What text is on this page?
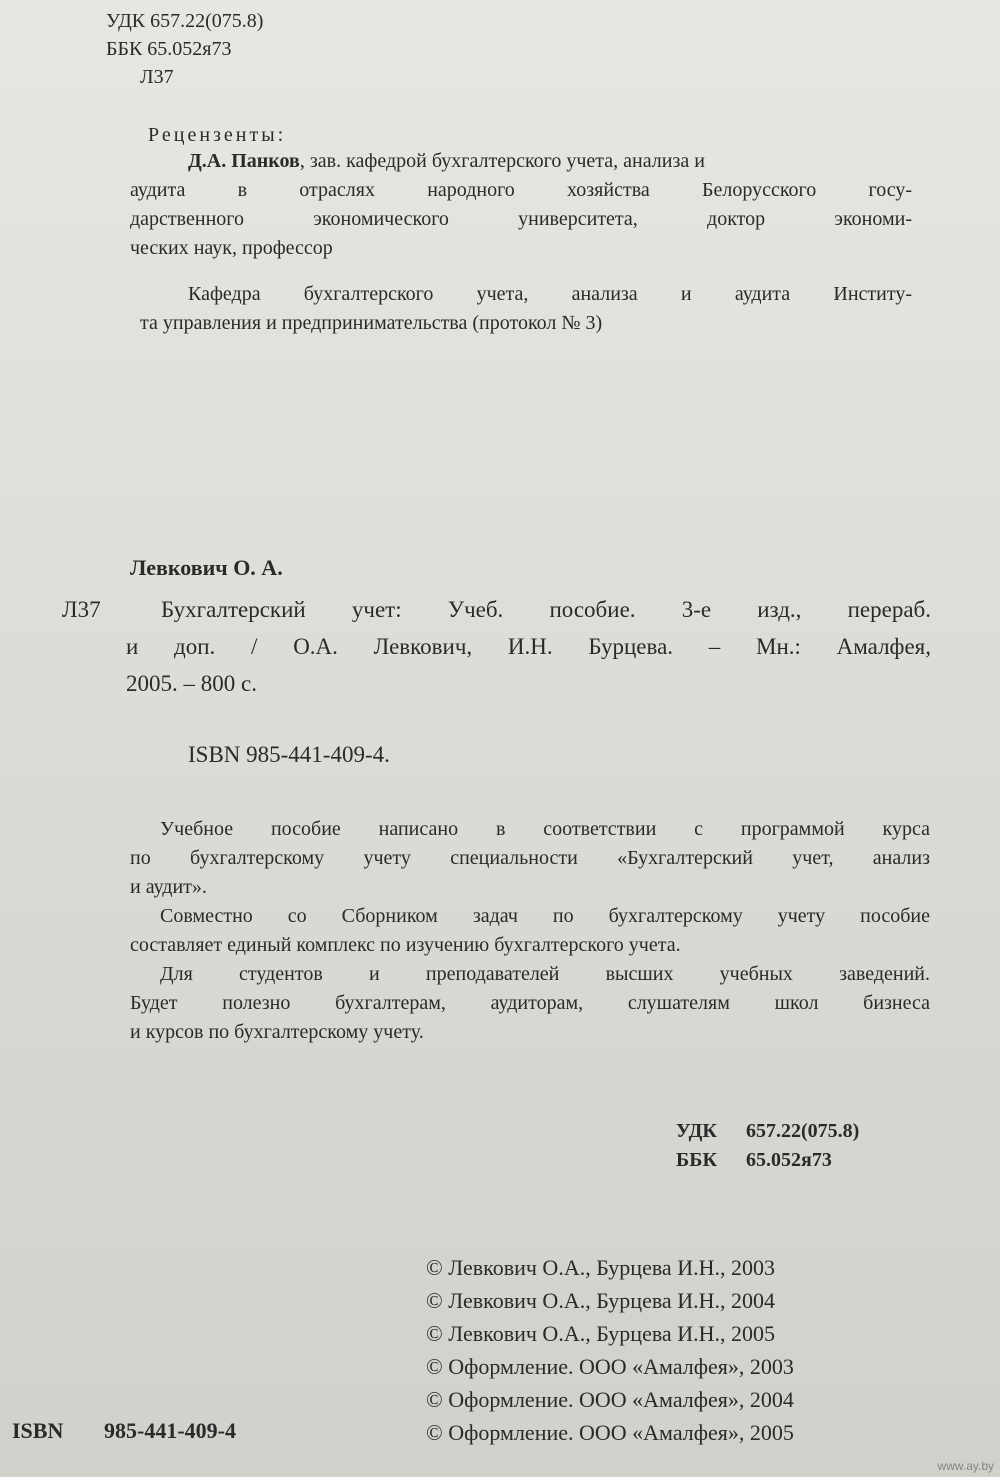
УДК 657.22(075.8)
ББК 65.052я73
Л37
Рецензенты:
Д.А. Панков, зав. кафедрой бухгалтерского учета, анализа и
аудита в отраслях народного хозяйства Белорусского госу-
дарственного экономического университета, доктор экономи-
ческих наук, профессор
Кафедра бухгалтерского учета, анализа и аудита Институ-
та управления и предпринимательства (протокол № 3)
Левкович О. А.
Л37	Бухгалтерский учет: Учеб. пособие. 3-е изд., перераб.
и доп. / О.А. Левкович, И.Н. Бурцева. – Мн.: Амалфея,
2005. – 800 с.
ISBN 985-441-409-4.
Учебное пособие написано в соответствии с программой курса
по бухгалтерскому учету специальности «Бухгалтерский учет, анализ
и аудит».
Совместно со Сборником задач по бухгалтерскому учету пособие
составляет единый комплекс по изучению бухгалтерского учета.
Для студентов и преподавателей высших учебных заведений.
Будет полезно бухгалтерам, аудиторам, слушателям школ бизнеса
и курсов по бухгалтерскому учету.
УДК 657.22(075.8)
ББК 65.052я73
© Левкович О.А., Бурцева И.Н., 2003
© Левкович О.А., Бурцева И.Н., 2004
© Левкович О.А., Бурцева И.Н., 2005
© Оформление. ООО «Амалфея», 2003
© Оформление. ООО «Амалфея», 2004
© Оформление. ООО «Амалфея», 2005
ISBN 985-441-409-4
www.ay.by
